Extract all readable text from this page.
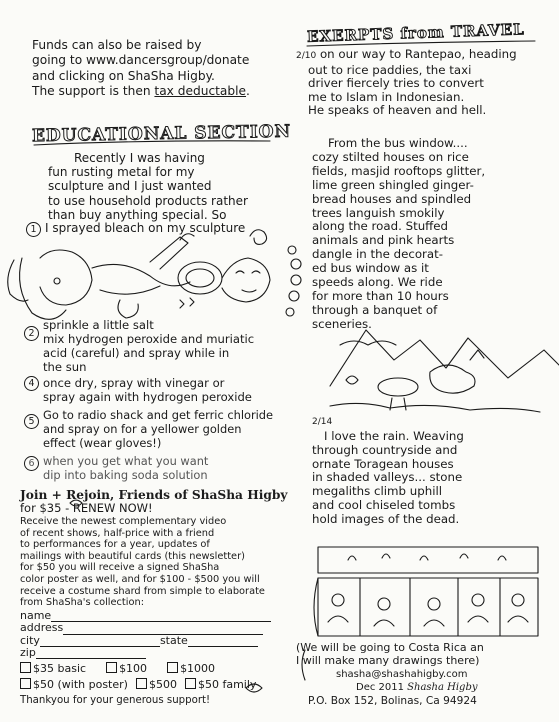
Funds can also be raised by
going to www.dancersgroup/donate
and clicking on ShaSha Higby.
The support is then tax deductable.
EDUCATIONAL SECTION
Recently I was having
fun rusting metal for my
sculpture and I just wanted
to use household products rather
than buy anything special. So
1 I sprayed bleach on my sculpture
2
sprinkle a little salt
mix hydrogen peroxide and muriatic
acid (careful) and spray while in
the sun
4 once dry, spray with vinegar or
spray again with hydrogen peroxide
5 Go to radio shack and get ferric chloride
and spray on for a yellower golden
effect (wear gloves!)
6 when you get what you want
dip into baking soda solution
Join + Rejoin, Friends of ShaSha Higby
for $35 - RENEW NOW!
Receive the newest complementary video
of recent shows, half-price with a friend
to performances for a year, updates of
mailings with beautiful cards (this newsletter)
for $50 you will receive a signed ShaSha
color poster as well, and for $100 - $500 you will
receive a costume shard from simple to elaborate
from ShaSha's collection:
name
address
city	state
zip
$35 basic	$100	$1000
$50 (with poster)	$500	$50 family
Thankyou for your generous support!
EXERPTS from TRAVEL
2/10 on our way to Rantepao, heading
out to rice paddies, the taxi
driver fiercely tries to convert
me to Islam in Indonesian.
He speaks of heaven and hell.
From the bus window....
cozy stilted houses on rice
fields, masjid rooftops glitter,
lime green shingled ginger-
bread houses and spindled
trees languish smokily
along the road. Stuffed
animals and pink hearts
dangle in the decorat-
ed bus window as it
speeds along. We ride
for more than 10 hours
through a banquet of
sceneries.
2/14
I love the rain. Weaving
through countryside and
ornate Toragean houses
in shaded valleys... stone
megaliths climb uphill
and cool chiseled tombs
hold images of the dead.
(We will be going to Costa Rica an
I will make many drawings there)
shasha@shashahigby.com
Dec 2011 Shasha Higby
P.O. Box 152, Bolinas, Ca 94924
